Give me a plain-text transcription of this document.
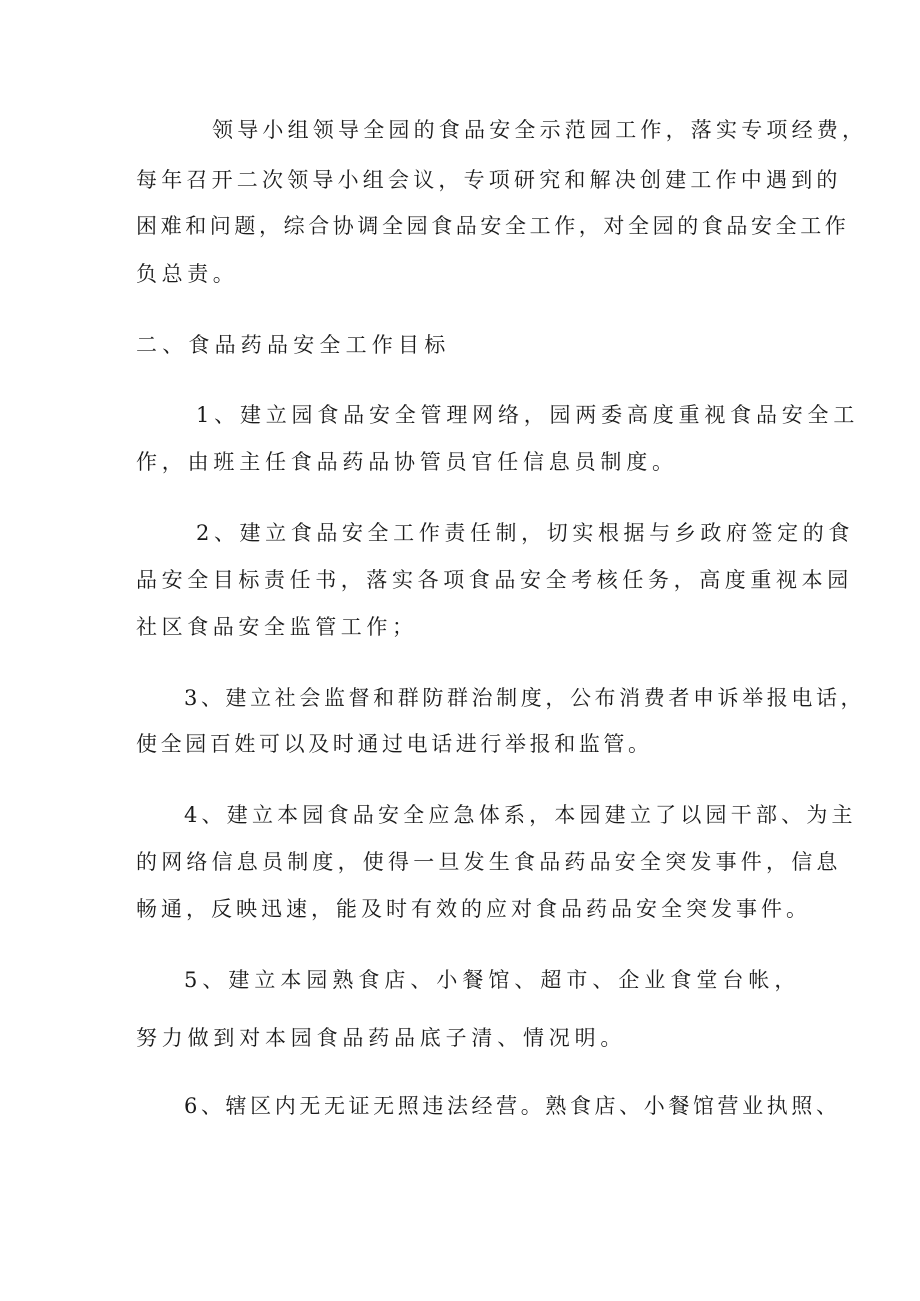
领导小组领导全园的食品安全示范园工作，落实专项经费，
每年召开二次领导小组会议，专项研究和解决创建工作中遇到的
困难和问题，综合协调全园食品安全工作，对全园的食品安全工作
负总责。
二、食品药品安全工作目标
1、建立园食品安全管理网络，园两委高度重视食品安全工
作，由班主任食品药品协管员官任信息员制度。
2、建立食品安全工作责任制，切实根据与乡政府签定的食
品安全目标责任书，落实各项食品安全考核任务，高度重视本园
社区食品安全监管工作；
3、建立社会监督和群防群治制度，公布消费者申诉举报电话，
使全园百姓可以及时通过电话进行举报和监管。
4、建立本园食品安全应急体系，本园建立了以园干部、为主
的网络信息员制度，使得一旦发生食品药品安全突发事件，信息
畅通，反映迅速，能及时有效的应对食品药品安全突发事件。
5、建立本园熟食店、小餐馆、超市、企业食堂台帐，
努力做到对本园食品药品底子清、情况明。
6、辖区内无无证无照违法经营。熟食店、小餐馆营业执照、
